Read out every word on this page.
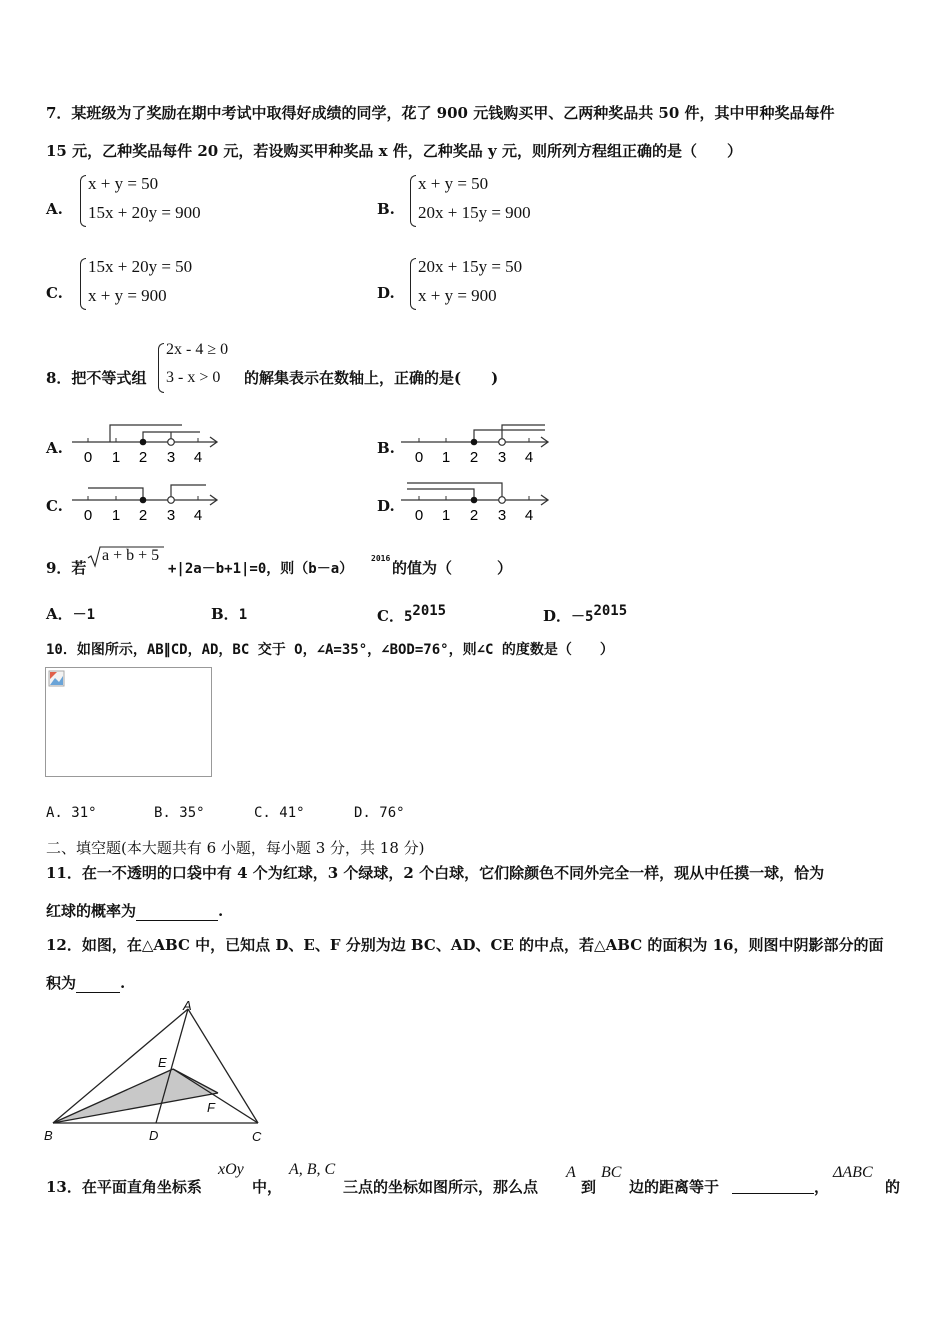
7．某班级为了奖励在期中考试中取得好成绩的同学，花了 900 元钱购买甲、乙两种奖品共 50 件，其中甲种奖品每件
15 元，乙种奖品每件 20 元，若设购买甲种奖品 x 件，乙种奖品 y 元，则所列方程组正确的是（　　）
A.
x + y = 50
15x + 20y = 900	B.
x + y = 50
20x + 15y = 900
C.
15x + 20y = 50
x + y = 900	D.
20x + 15y = 50
x + y = 900
8．把不等式组
2x - 4 ≥ 0
3 - x > 0 的解集表示在数轴上，正确的是(　　)
A.
0 1 2 3 4
B.
0 1 2 3 4
C.
0 1 2 3 4
D.
0 1 2 3 4
9．若
a + b + 5
+|2a－b+1|=0，则（b－a）
2016
的值为（　　　）
A．－1	B．1	C．$5^{2015}$	D．$-5^{2015}$
10．如图所示，AB∥CD，AD，BC 交于 O，∠A=35°，∠BOD=76°，则∠C 的度数是（　　）
A. 31°	B. 35°	C. 41°	D. 76°
二、填空题(本大题共有 6 小题，每小题 3 分，共 18 分)
11．在一不透明的口袋中有 4 个为红球，3 个绿球，2 个白球，它们除颜色不同外完全一样，现从中任摸一球，恰为
红球的概率为	.
12．如图，在△ABC 中，已知点 D、E、F 分别为边 BC、AD、CE 的中点，若△ABC 的面积为 16，则图中阴影部分的面
积为	.
A
B	C
D
E
F
13．在平面直角坐标系
xOy
中，
A, B, C
三点的坐标如图所示，那么点
A
到
BC
边的距离等于	，
ΔABC
的
